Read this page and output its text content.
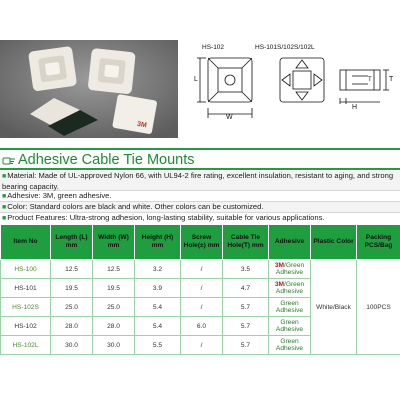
3M
HS-102	HS-101S/102S/102L
L
W
T
H
T
Adhesive Cable Tie Mounts
■Material: Made of UL-approved Nylon 66, with UL94-2 fire rating, excellent insulation, resistant to aging, and strong bearing capacity.
■Adhesive: 3M, green adhesive.
■Color: Standard colors are black and white. Other colors can be customized.
■Product Features: Ultra-strong adhesion, long-lasting stability, suitable for various applications.
Item No	Length (L) mm	Width (W) mm	Height (H) mm	Screw Hole(±) mm	Cable Tie Hole(T) mm	Adhesive	Plastic Color	Packing PCS/Bag
HS-100	12.5	12.5	3.2	/	3.5	3M/Green Adhesive	White/Black	100PCS
HS-101	19.5	19.5	3.9	/	4.7	3M/Green Adhesive		
HS-102S	25.0	25.0	5.4	/	5.7	Green Adhesive		
HS-102	28.0	28.0	5.4	6.0	5.7	Green Adhesive		
HS-102L	30.0	30.0	5.5	/	5.7	Green Adhesive		
